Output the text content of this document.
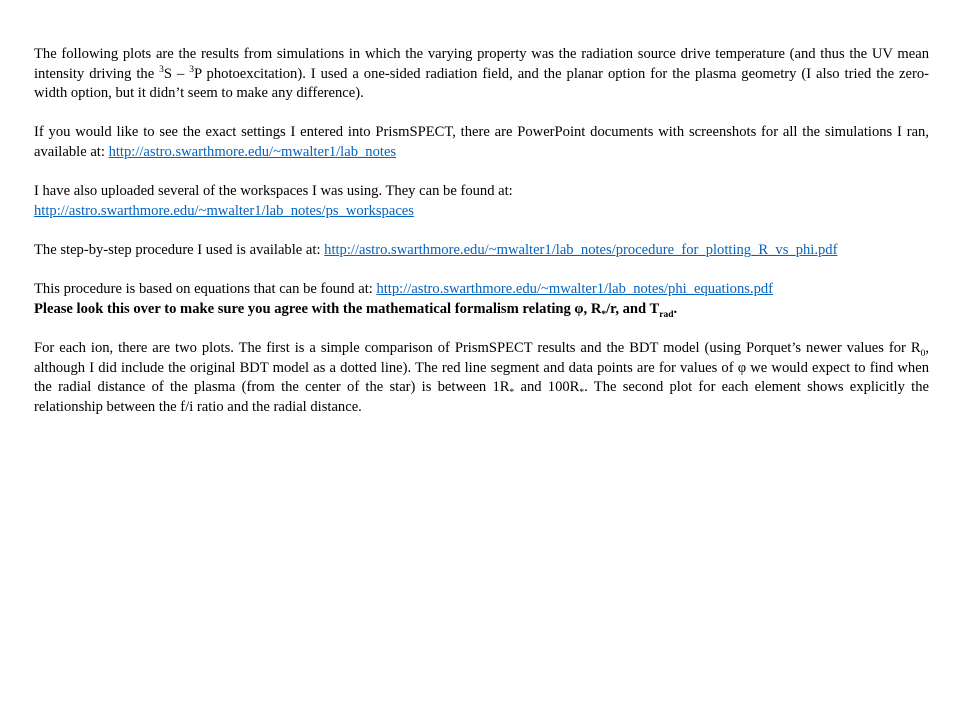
The following plots are the results from simulations in which the varying property was the radiation source drive temperature (and thus the UV mean intensity driving the $^3$S – $^3$P photoexcitation). I used a one-sided radiation field, and the planar option for the plasma geometry (I also tried the zero-width option, but it didn’t seem to make any difference).

If you would like to see the exact settings I entered into PrismSPECT, there are PowerPoint documents with screenshots for all the simulations I ran, available at: http://astro.swarthmore.edu/~mwalter1/lab_notes

I have also uploaded several of the workspaces I was using. They can be found at:
http://astro.swarthmore.edu/~mwalter1/lab_notes/ps_workspaces

The step-by-step procedure I used is available at: http://astro.swarthmore.edu/~mwalter1/lab_notes/procedure_for_plotting_R_vs_phi.pdf

This procedure is based on equations that can be found at: http://astro.swarthmore.edu/~mwalter1/lab_notes/phi_equations.pdf
Please look this over to make sure you agree with the mathematical formalism relating φ, $R_*/r$, and $T_{rad}$.

For each ion, there are two plots. The first is a simple comparison of PrismSPECT results and the BDT model (using Porquet’s newer values for $R_0$, although I did include the original BDT model as a dotted line). The red line segment and data points are for values of φ we would expect to find when the radial distance of the plasma (from the center of the star) is between $1R_*$ and $100R_*$. The second plot for each element shows explicitly the relationship between the f/i ratio and the radial distance.
